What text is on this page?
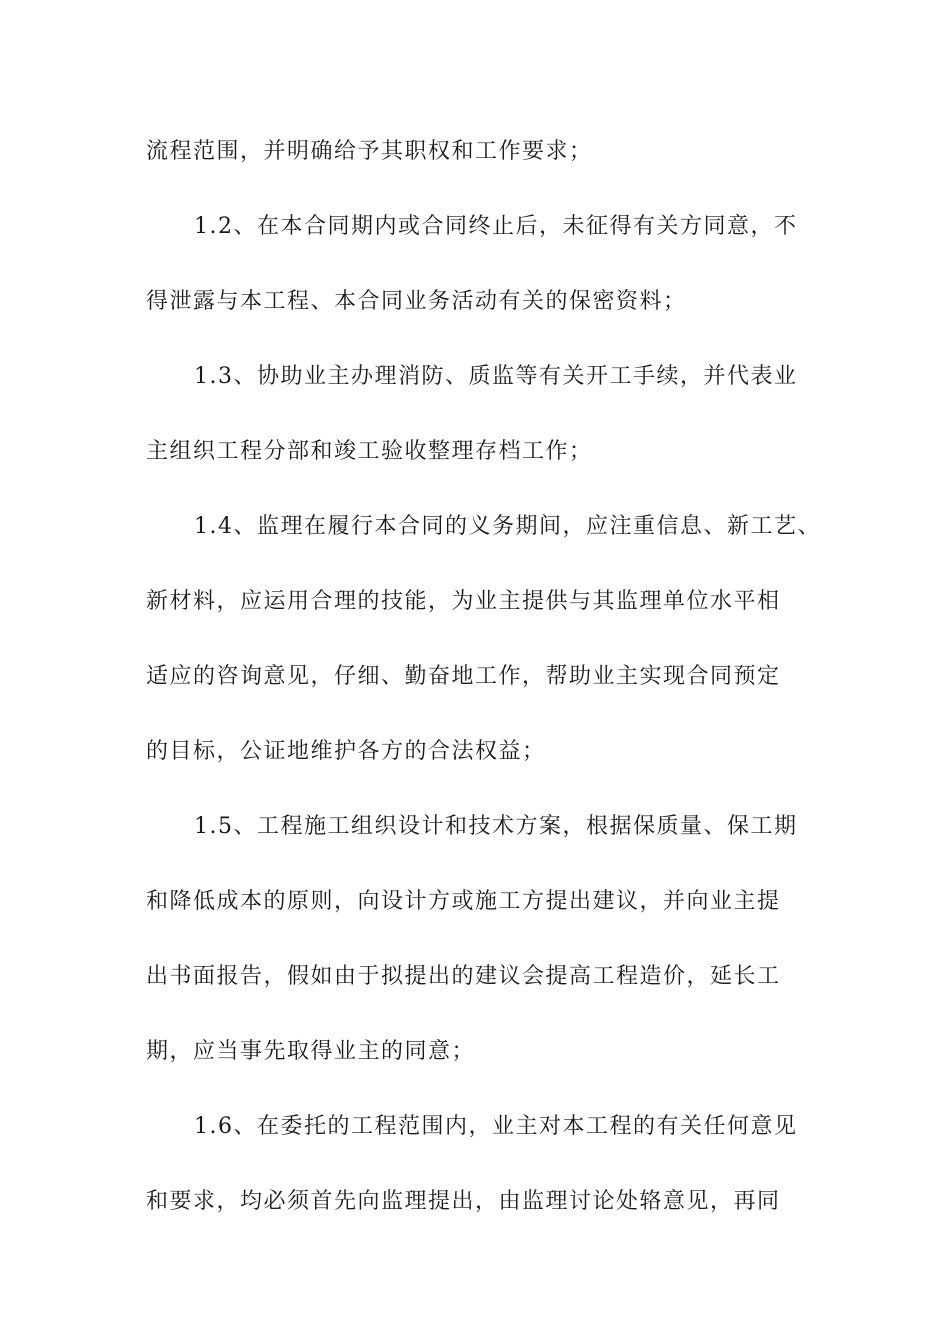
流程范围，并明确给予其职权和工作要求；
1.2、在本合同期内或合同终止后，未征得有关方同意，不
得泄露与本工程、本合同业务活动有关的保密资料；
1.3、协助业主办理消防、质监等有关开工手续，并代表业
主组织工程分部和竣工验收整理存档工作；
1.4、监理在履行本合同的义务期间，应注重信息、新工艺、
新材料，应运用合理的技能，为业主提供与其监理单位水平相
适应的咨询意见，仔细、勤奋地工作，帮助业主实现合同预定
的目标，公证地维护各方的合法权益；
1.5、工程施工组织设计和技术方案，根据保质量、保工期
和降低成本的原则，向设计方或施工方提出建议，并向业主提
出书面报告，假如由于拟提出的建议会提高工程造价，延长工
期，应当事先取得业主的同意；
1.6、在委托的工程范围内，业主对本工程的有关任何意见
和要求，均必须首先向监理提出，由监理讨论处辂意见，再同
